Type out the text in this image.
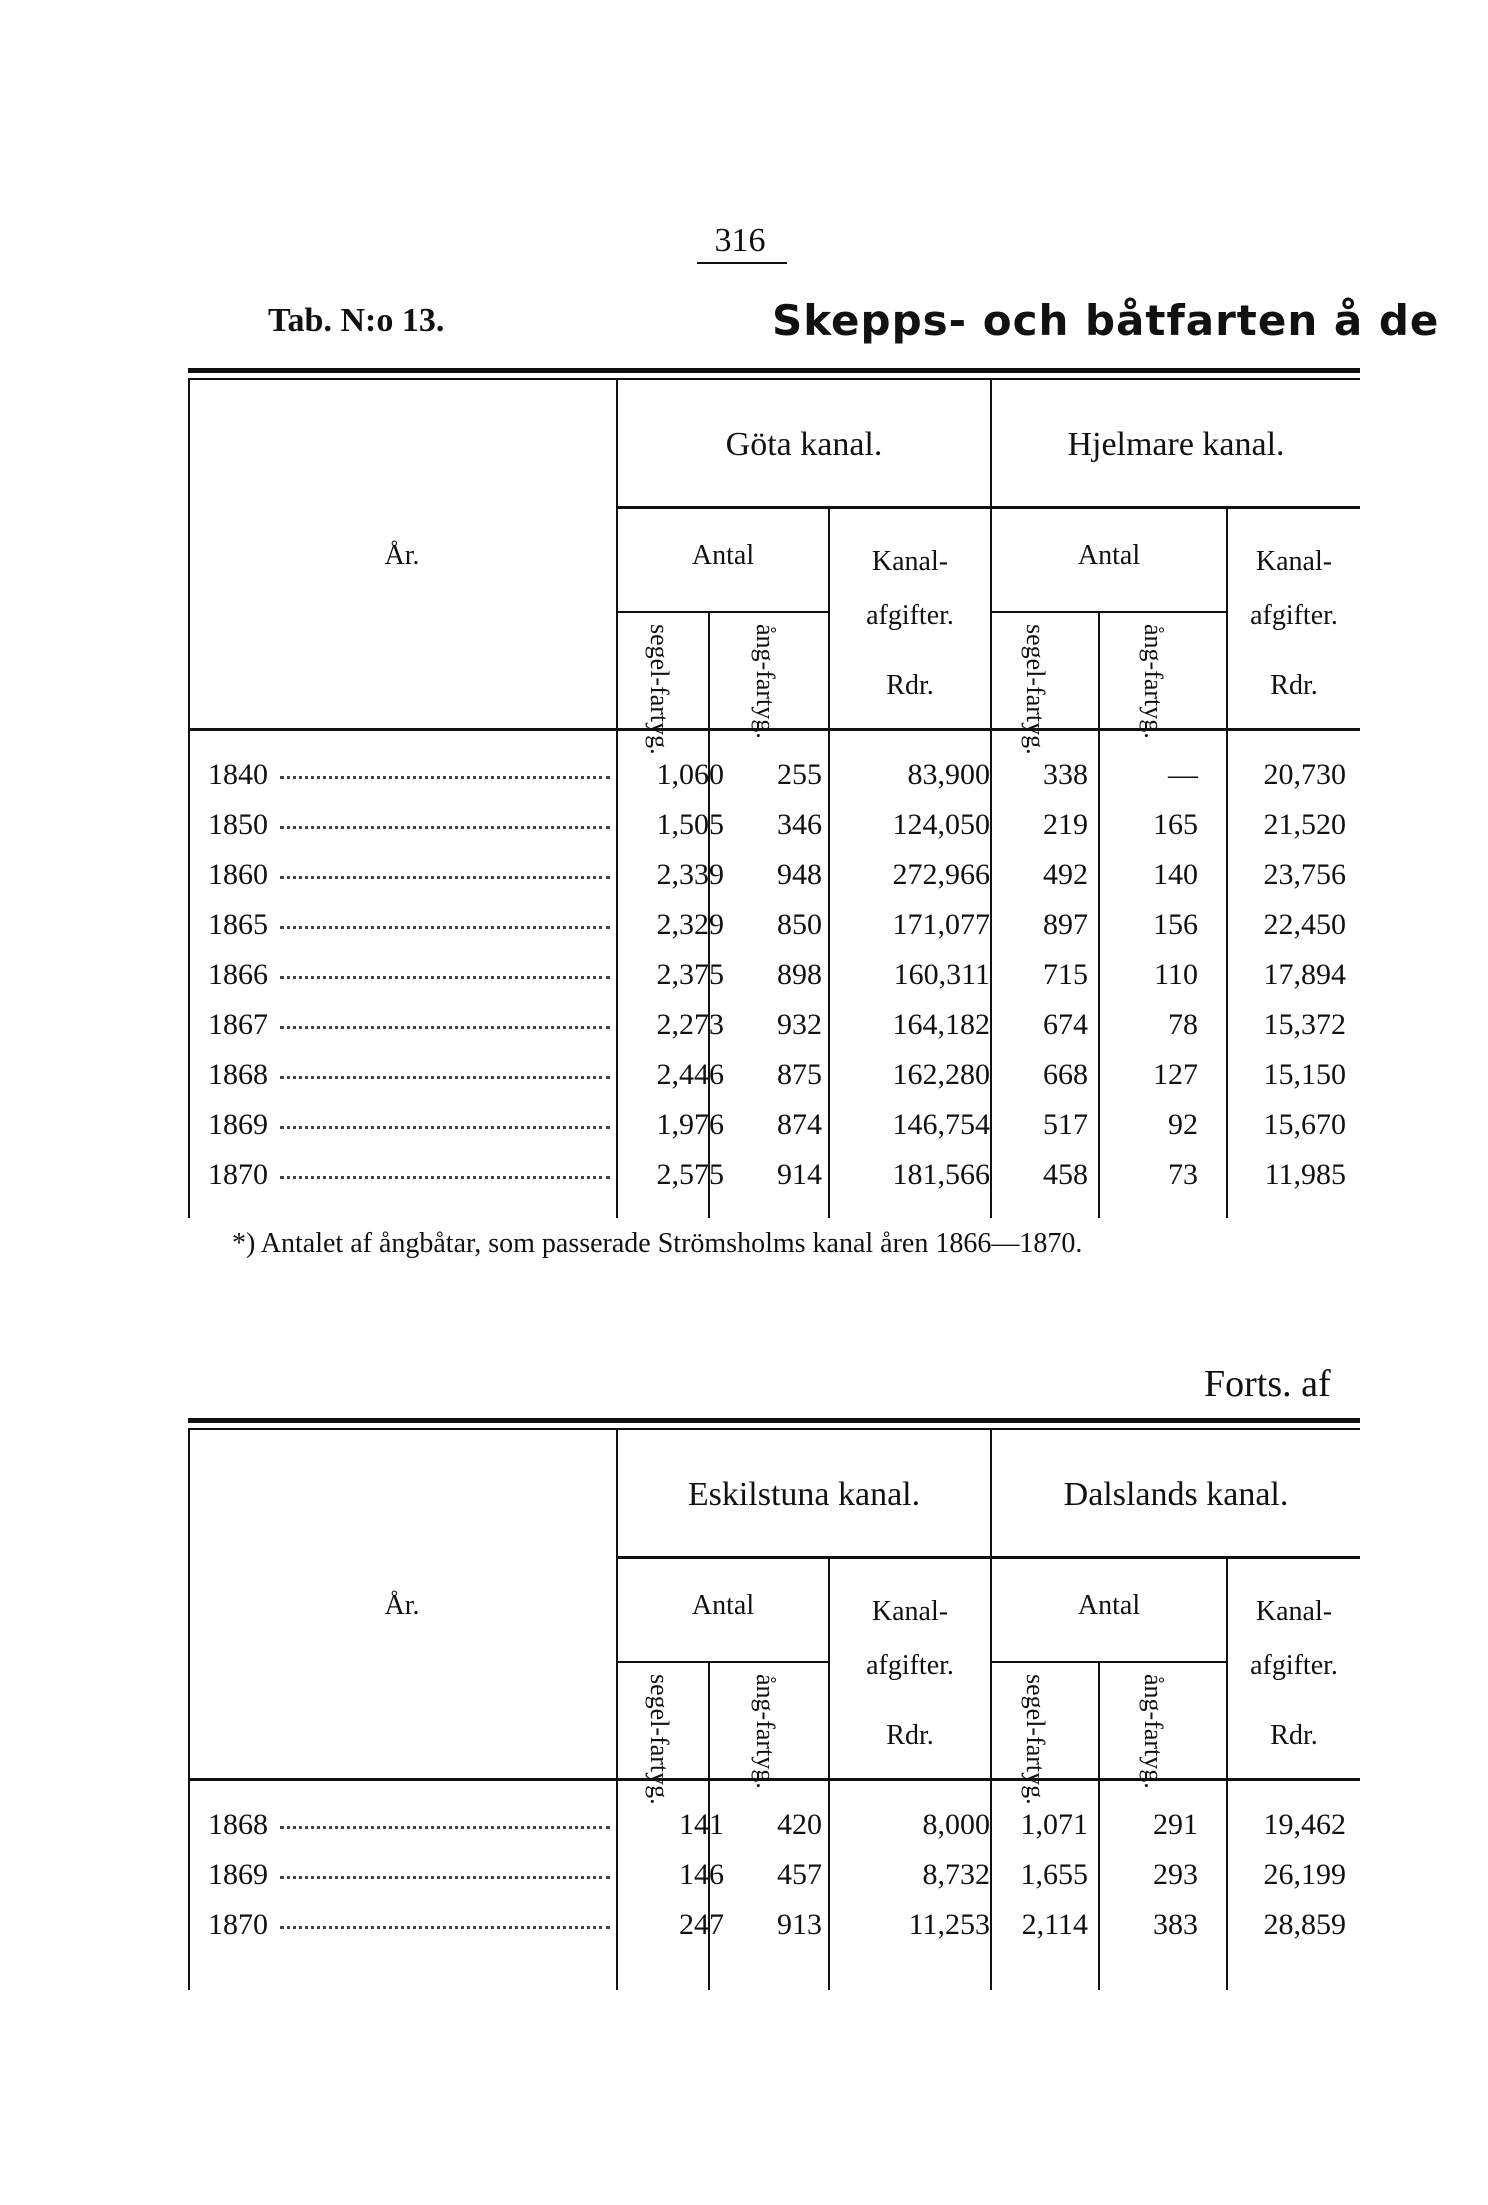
316
Tab. N:o 13.	Skepps- och båtfarten å de
Göta kanal.	Hjelmare kanal.
År.	Antal	Kanal-
afgifter.
Rdr.
segel-fartyg.	ång-fartyg.
Antal	Kanal-
afgifter.
Rdr.
segel-fartyg.	ång-fartyg.
1840	1,060	255	83,900	338	—	20,730
1850	1,505	346	124,050	219	165	21,520
1860	2,339	948	272,966	492	140	23,756
1865	2,329	850	171,077	897	156	22,450
1866	2,375	898	160,311	715	110	17,894
1867	2,273	932	164,182	674	78	15,372
1868	2,446	875	162,280	668	127	15,150
1869	1,976	874	146,754	517	92	15,670
1870	2,575	914	181,566	458	73	11,985
*) Antalet af ångbåtar, som passerade Strömsholms kanal åren 1866—1870.
Forts. af
Eskilstuna kanal.	Dalslands kanal.
År.	Antal	Kanal-
afgifter.
Rdr.
segel-fartyg.	ång-fartyg.
Antal	Kanal-
afgifter.
Rdr.
segel-fartyg.	ång-fartyg.
1868	141	420	8,000	1,071	291	19,462
1869	146	457	8,732	1,655	293	26,199
1870	247	913	11,253	2,114	383	28,859
